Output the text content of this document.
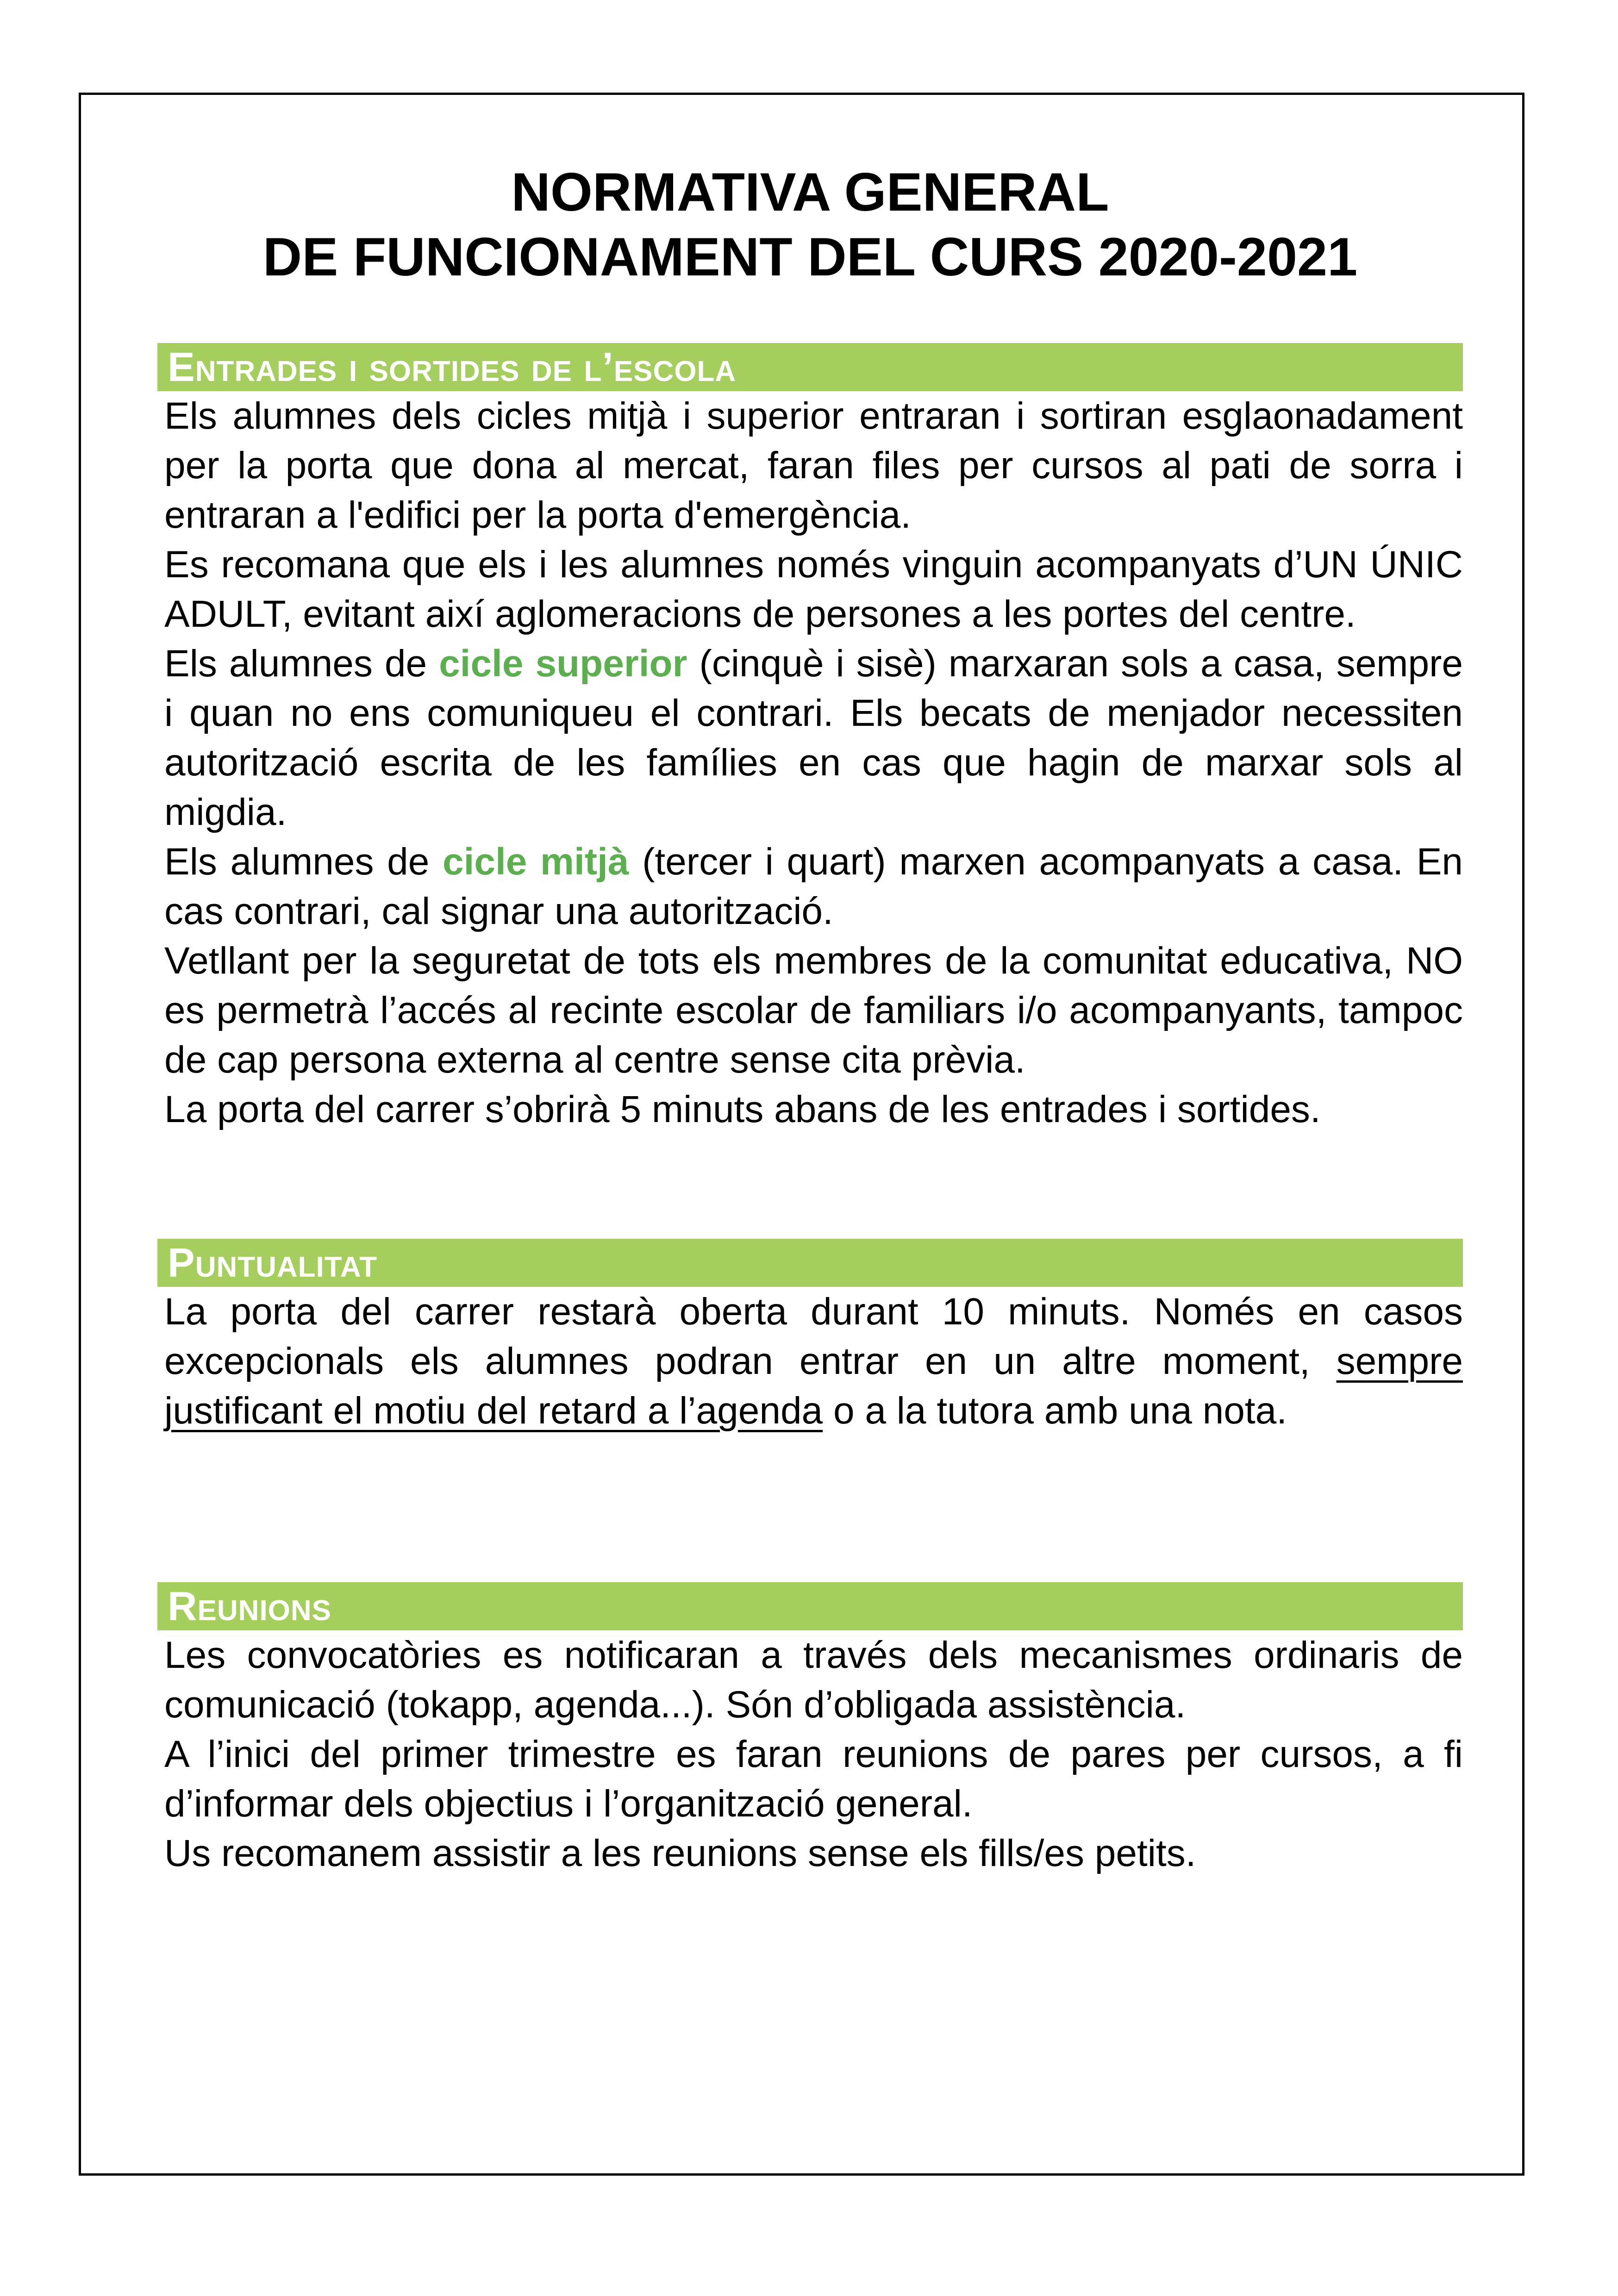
NORMATIVA GENERAL
DE FUNCIONAMENT DEL CURS 2020-2021
Entrades i sortides de l’escola

Els alumnes dels cicles mitjà i superior entraran i sortiran esglaonadament per la porta que dona al mercat, faran files per cursos al pati de sorra i entraran a l'edifici per la porta d'emergència.

Es recomana que els i les alumnes només vinguin acompanyats d’UN ÚNIC ADULT, evitant així aglomeracions de persones a les portes del centre.

Els alumnes de cicle superior (cinquè i sisè) marxaran sols a casa, sempre i quan no ens comuniqueu el contrari. Els becats de menjador necessiten autorització escrita de les famílies en cas que hagin de marxar sols al migdia.

Els alumnes de cicle mitjà (tercer i quart) marxen acompanyats a casa. En cas contrari, cal signar una autorització.

Vetllant per la seguretat de tots els membres de la comunitat educativa, NO es permetrà l’accés al recinte escolar de familiars i/o acompanyants, tampoc de cap persona externa al centre sense cita prèvia.

La porta del carrer s’obrirà 5 minuts abans de les entrades i sortides.

Puntualitat

La porta del carrer restarà oberta durant 10 minuts. Només en casos excepcionals els alumnes podran entrar en un altre moment, sempre justificant el motiu del retard a l’agenda o a la tutora amb una nota.

Reunions

Les convocatòries es notificaran a través dels mecanismes ordinaris de comunicació (tokapp, agenda...). Són d’obligada assistència.

A l’inici del primer trimestre es faran reunions de pares per cursos, a fi d’informar dels objectius i l’organització general.

Us recomanem assistir a les reunions sense els fills/es petits.
